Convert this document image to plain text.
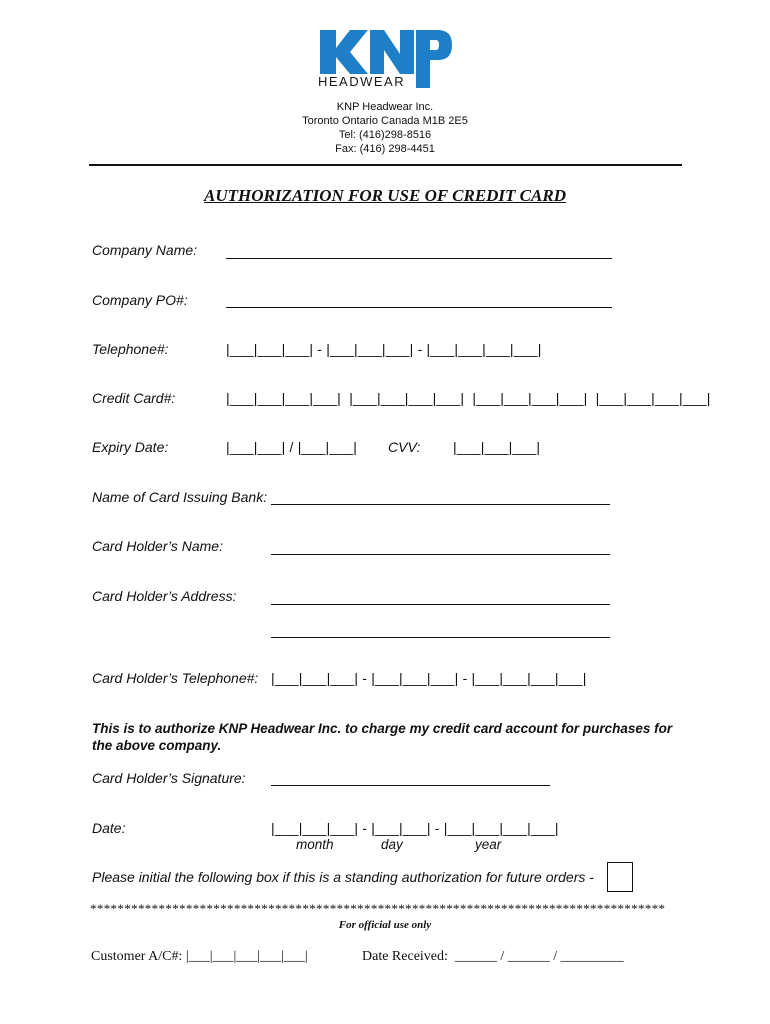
HEADWEAR
KNP Headwear Inc.
Toronto Ontario Canada M1B 2E5
Tel: (416)298-8516
Fax: (416) 298-4451
AUTHORIZATION FOR USE OF CREDIT CARD
Company Name:
Company PO#:
Telephone#:	|___|___|___| - |___|___|___| - |___|___|___|___|
Credit Card#:	|___|___|___|___|  |___|___|___|___|  |___|___|___|___|  |___|___|___|___|
Expiry Date:	|___|___| / |___|___| CVV: |___|___|___|
Name of Card Issuing Bank:
Card Holder’s Name:
Card Holder’s Address:
Card Holder’s Telephone#: |___|___|___| - |___|___|___| - |___|___|___|___|
This is to authorize KNP Headwear Inc. to charge my credit card account for purchases for the above company.
Card Holder’s Signature:
Date:	|___|___|___| - |___|___| - |___|___|___|___|
month	day	year
Please initial the following box if this is a standing authorization for future orders -
************************************************************************************
For official use only
Customer A/C#: |___|___|___|___|___|	Date Received:  ______ / ______ / _________
